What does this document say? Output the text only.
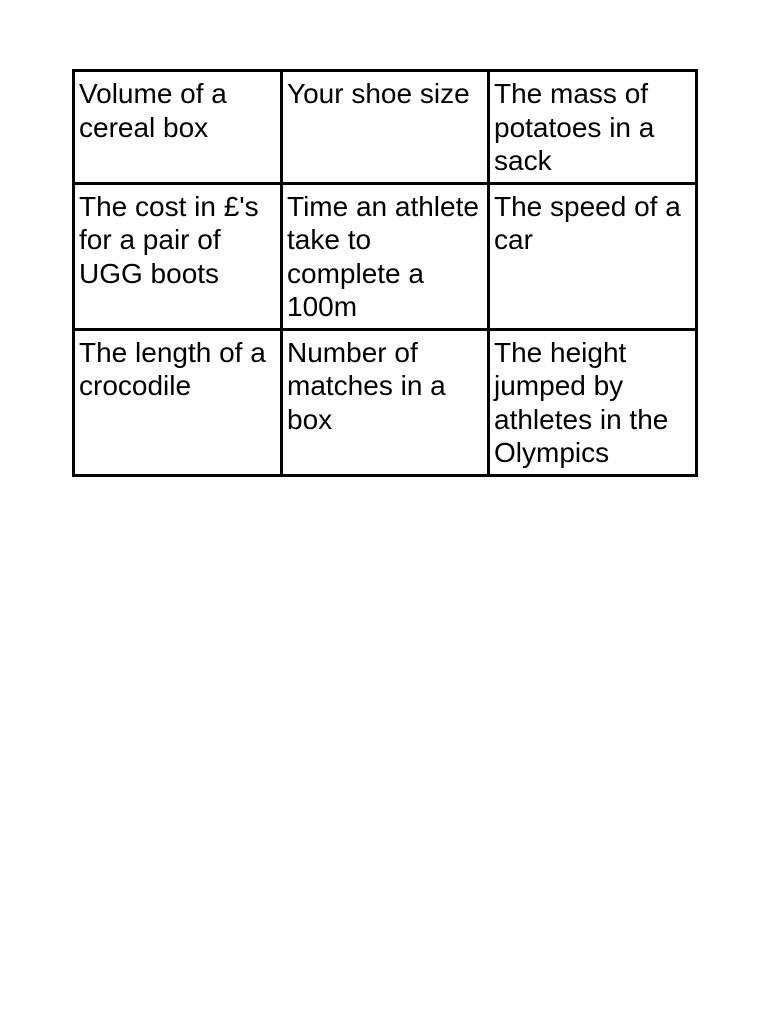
Volume of a cereal box	Your shoe size	The mass of potatoes in a sack
The cost in £'s for a pair of UGG boots	Time an athlete take to complete a 100m	The speed of a car
The length of a crocodile	Number of matches in a box	The height jumped by athletes in the Olympics
